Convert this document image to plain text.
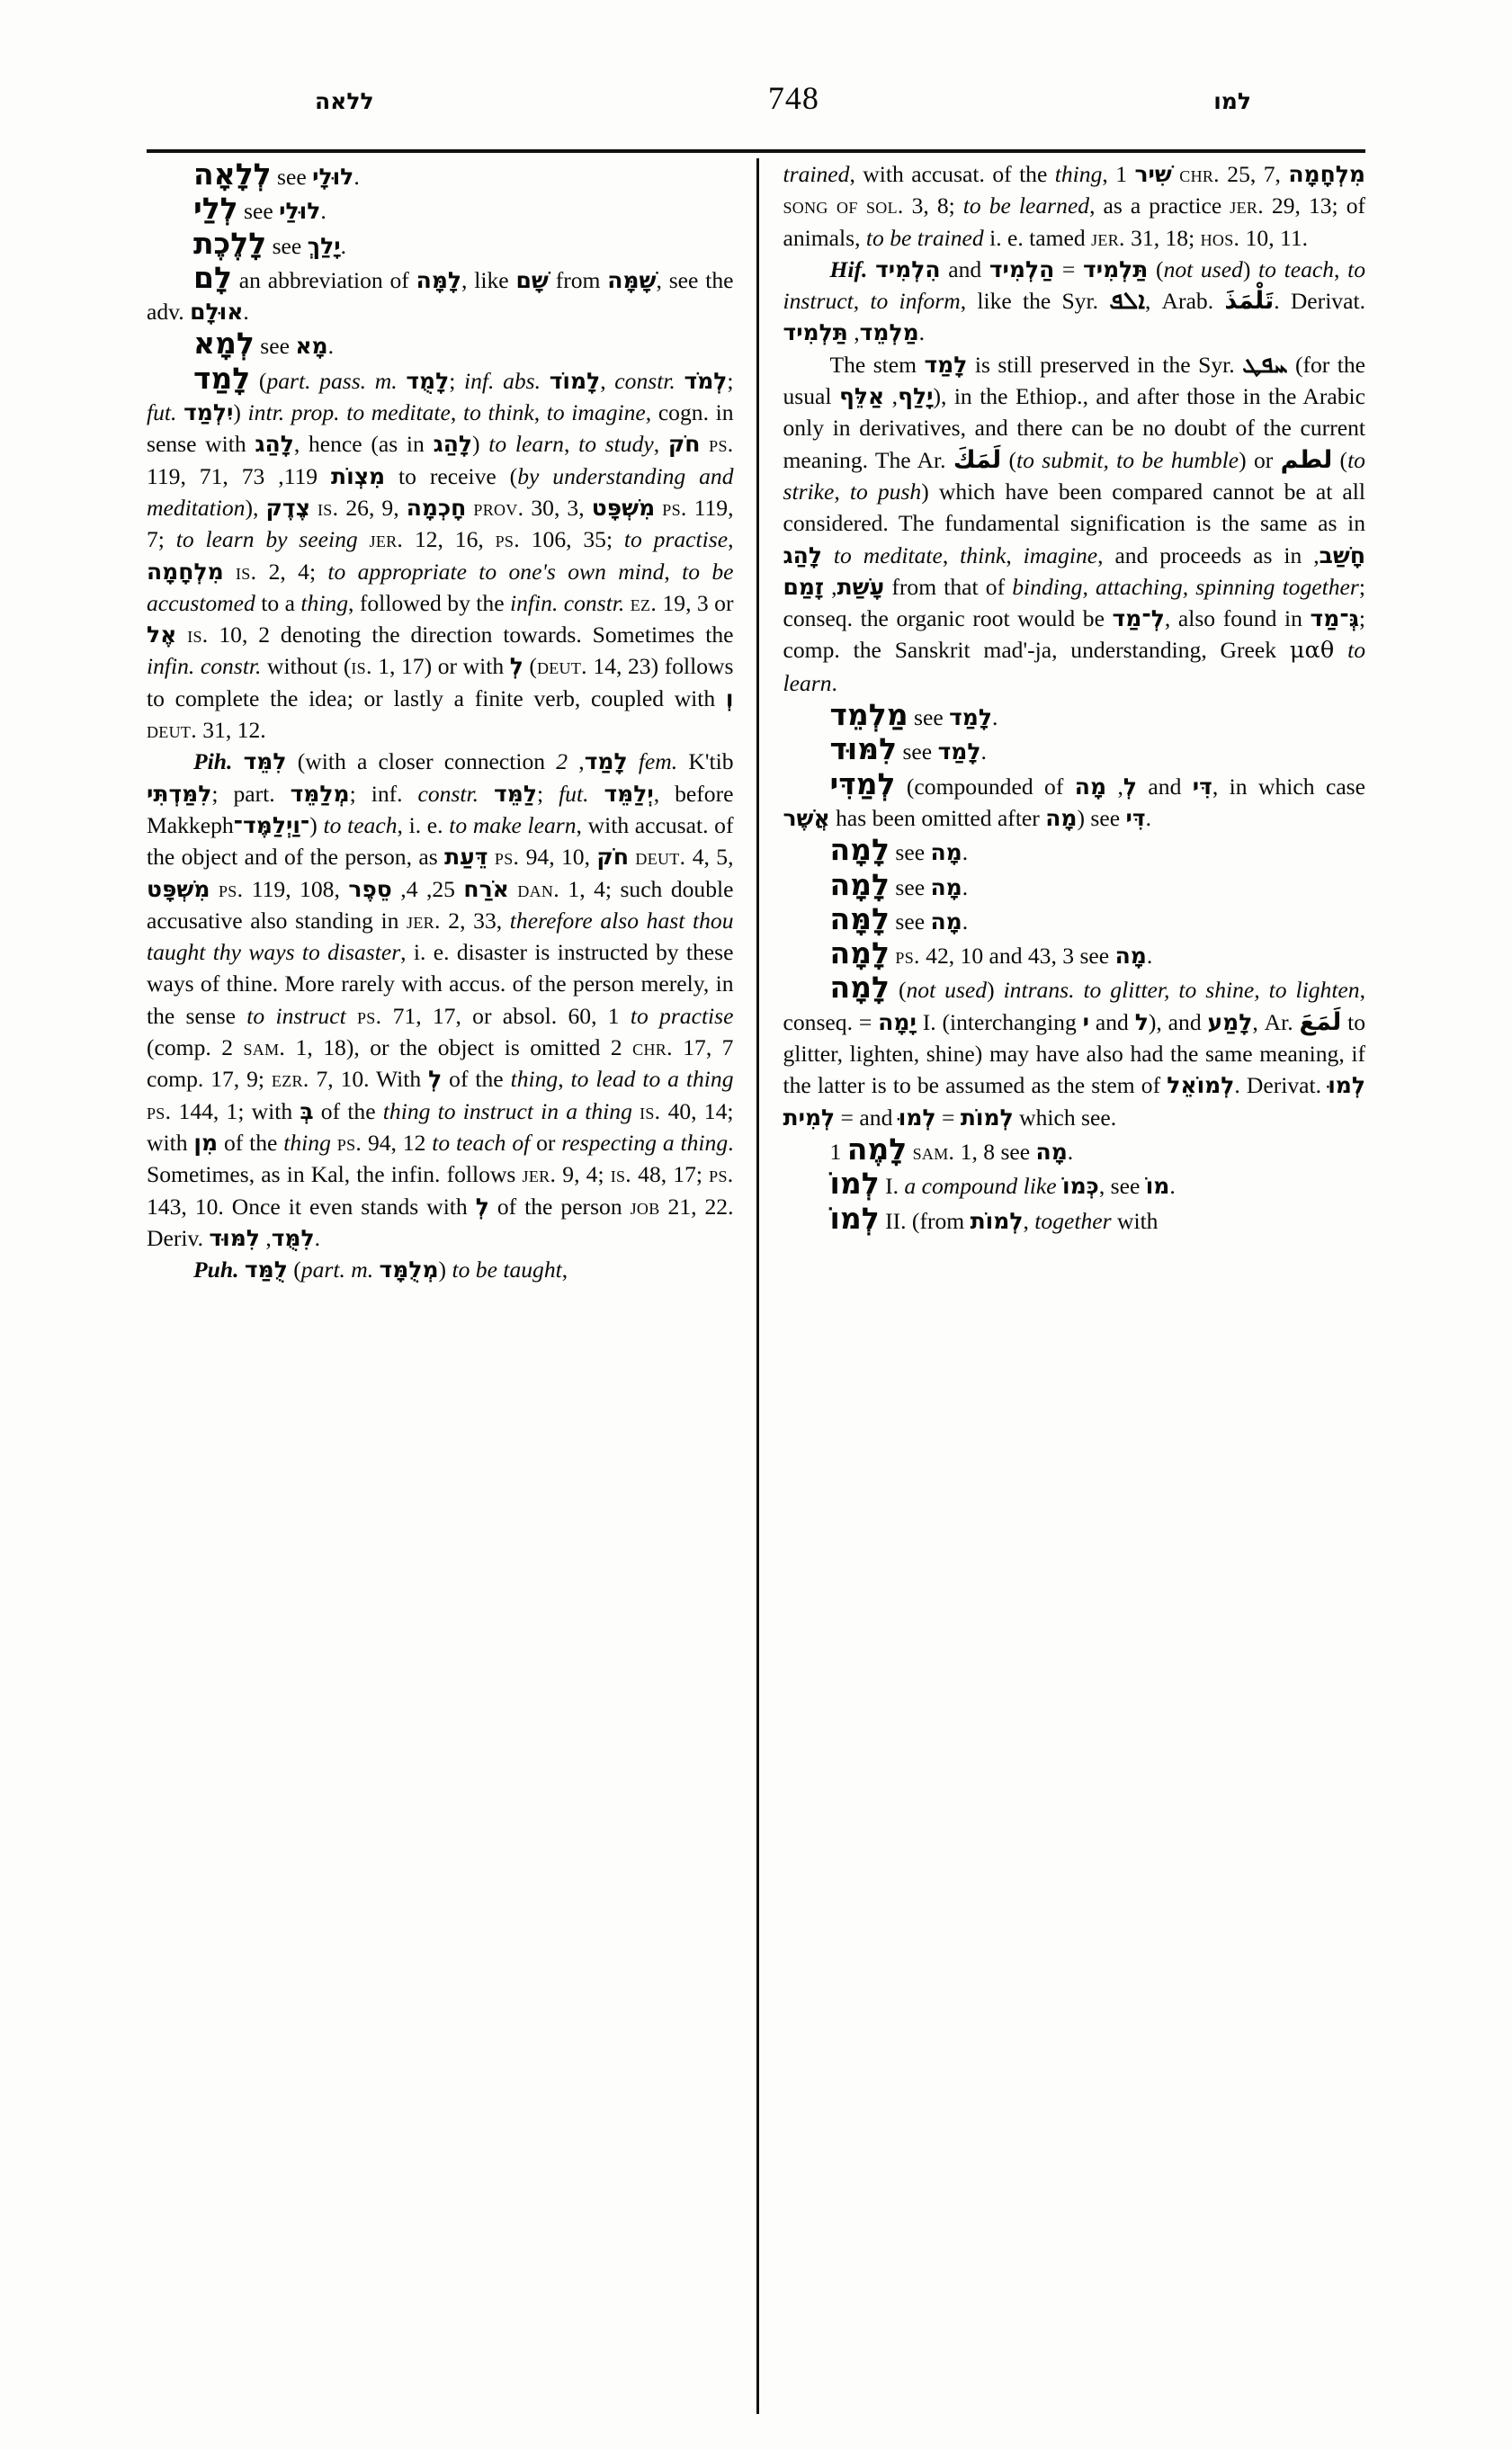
ללאה	748	למו

לְלָאָה see לוּלָי.

לְלַי see לוּלַי.

לָלֶכֶת see יָלַךְ.

לָם an abbreviation of לָמָּה, like שָׁם from שָׁמָּה, see the adv. אוּלָם.

לְמָא see מָא.

לָמַד (part. pass. m. לָמֻד; inf. abs. לָמוֹד, constr. לְמֹד; fut. יִלְמַד) intr. prop. to meditate, to think, to imagine, cogn. in sense with לָהַג, hence (as in לָהַג) to learn, to study, חֹק ps. 119, 71,	מִצְוֹת 119, 73 to receive (by understanding and meditation), צֶדֶק is. 26, 9, חָכְמָה prov. 30, 3, מִשְׁפָּט ps. 119, 7; to learn by seeing jer. 12, 16, ps. 106, 35; to practise, מִלְחָמָה is. 2, 4; to appropriate to one's own mind, to be accustomed to a thing, followed by the infin. constr. ez. 19, 3 or אֶל is. 10, 2 denoting the direction towards. Sometimes the infin. constr. without (is. 1, 17) or with לְ (deut. 14, 23) follows to complete the idea; or lastly a finite verb, coupled with וְ deut. 31, 12.

Pih. לִמֵּד (with a closer connection לָמַד, 2 fem. K'tib לִמַּדְתִּי; part. מְלַמֵּד; inf. constr. לַמֵּד; fut. יְלַמֵּד, before Makkeph־וַיְלַמֶּד־) to teach, i. e. to make learn, with accusat. of the object and of the person, as דֵּעַת ps. 94, 10, חֹק deut. 4, 5, מִשְׁפָּט ps. 119, 108,	אֹרַח 25, 4, סֵפֶר	dan. 1, 4; such double accusative also standing in jer. 2, 33, therefore also hast thou taught thy ways to disaster, i. e. disaster is instructed by these ways of thine. More rarely with accus. of the person merely, in the sense to instruct ps. 71, 17, or absol. 60, 1 to practise (comp. 2 sam. 1, 18), or the object is omitted 2 chr. 17, 7 comp. 17, 9; ezr. 7, 10. With לְ of the thing, to lead to a thing ps. 144, 1; with בְּ of the thing to instruct in a thing is. 40, 14; with מִן of the thing ps. 94, 12 to teach of or respecting a thing. Sometimes, as in Kal, the infin. follows jer. 9, 4; is. 48, 17; ps. 143, 10. Once it even stands with לְ of the person job 21, 22. Deriv.	לִמֻּד, לִמּוּד .

Puh. לֻמַּד (part. m. מְלֻמָּד) to be taught,

trained, with accusat. of the thing, שִׁיר 1 chr. 25, 7, מִלְחָמָה song of sol. 3, 8; to be learned, as a practice jer. 29, 13; of animals, to be trained i. e. tamed jer. 31, 18; hos. 10, 11.

Hif. הִלְמִיד and	תַּלְמִיד = הַלְמִיד	(not used) to teach, to instruct, to inform, like the Syr. ܐܠܦ, Arab. تَلْمَذَ. Derivat. מַלְמֵד, תַּלְמִיד	.

The stem לָמַד is still preserved in the Syr. ܚܦܛ (for the usual	יָלַף, אַלֵּף ), in the Ethiop., and after those in the Arabic only in derivatives, and there can be no doubt of the current meaning. The Ar. لَمَكَ (to submit, to be humble) or لطم (to strike, to push) which have been compared cannot be at all considered. The fundamental signification is the same as in לָהַג to meditate, think, imagine, and proceeds as in חָשַׁב, עָשַׁת, זָמַם	from that of binding, attaching, spinning together; conseq. the organic root would be לְ־מַד, also found in גְּ־מַד; comp. the Sanskrit mad'-ja, understanding, Greek μαθ to learn.

מַלְמֵד see לָמַד.

לִמּוּד see לָמַד.

לְמַדִּי (compounded of לְ, מָה and דִּי, in which case אֲשֶׁר has been omitted after מָה) see דִּי.

לָמָה see מָה.

לָמָה see מָה.

לָמָּה see מָה.

לָמָה ps. 42, 10 and 43, 3 see מָה.

לָמָה (not used) intrans. to glitter, to shine, to lighten, conseq. = יָמָה I. (interchanging י and ל), and לָמַע, Ar. لَمَعَ to glitter, lighten, shine) may have also had the same meaning, if the latter is to be assumed as the stem of לְמוֹאֵל. Derivat. לְמוּ = לְמִית and	לְמוֹת = לְמוּ	which see.

לָמֶה 1 sam. 1, 8 see מָה.

לְמוֹ I. a compound like כְּמוֹ, see מוֹ.

לְמוֹ II. (from לְמוֹת, together with
